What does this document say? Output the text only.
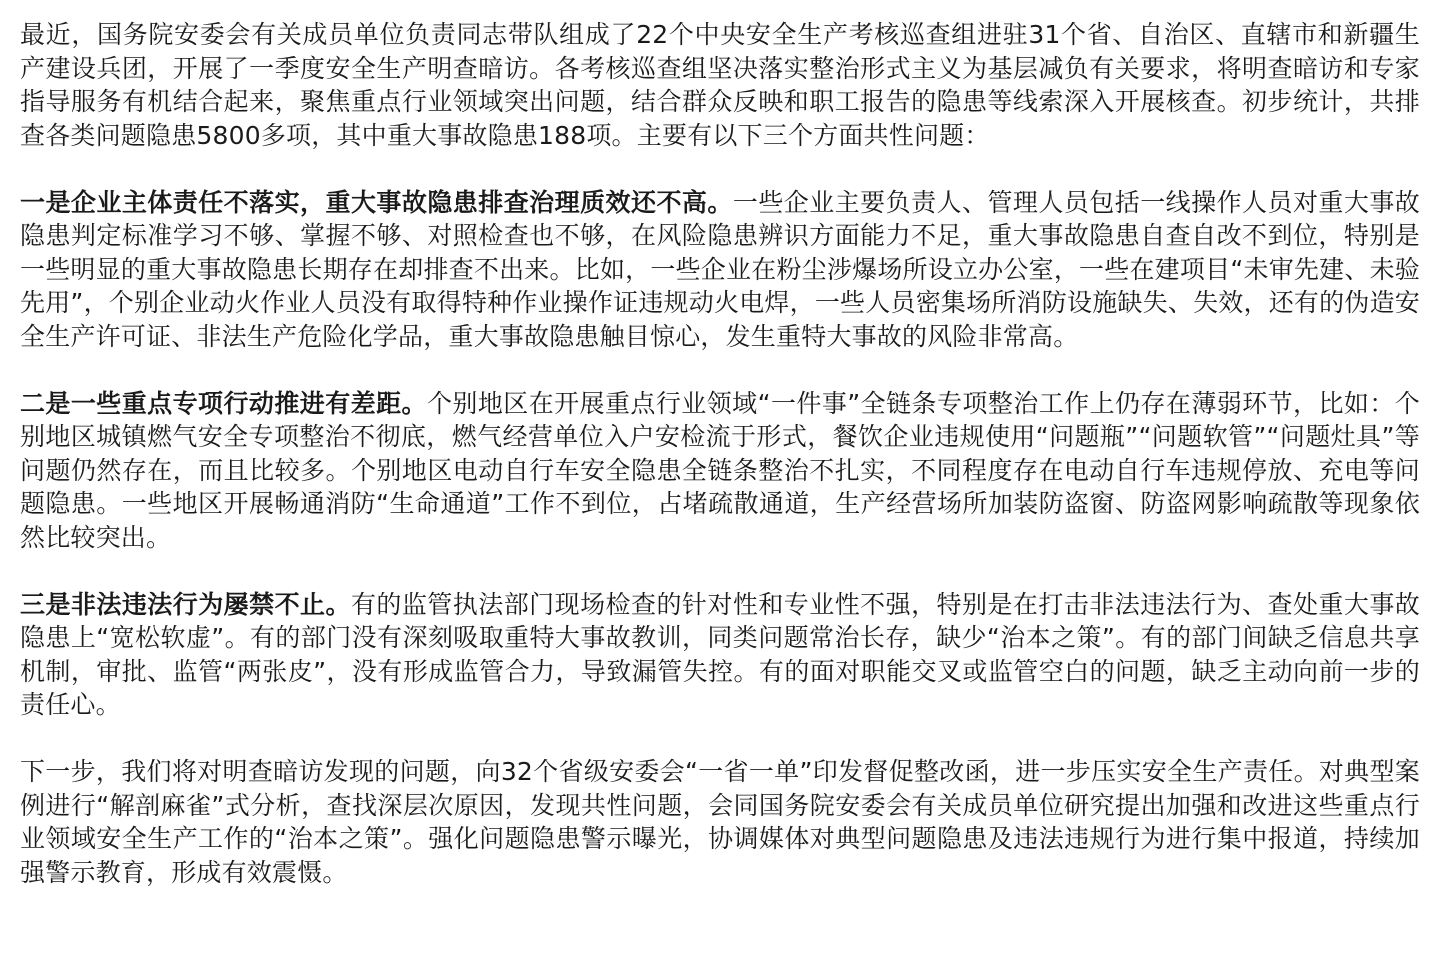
最近，国务院安委会有关成员单位负责同志带队组成了22个中央安全生产考核巡查组进驻31个省、自治区、直辖市和新疆生产建设兵团，开展了一季度安全生产明查暗访。各考核巡查组坚决落实整治形式主义为基层减负有关要求，将明查暗访和专家指导服务有机结合起来，聚焦重点行业领域突出问题，结合群众反映和职工报告的隐患等线索深入开展核查。初步统计，共排查各类问题隐患5800多项，其中重大事故隐患188项。主要有以下三个方面共性问题：

一是企业主体责任不落实，重大事故隐患排查治理质效还不高。一些企业主要负责人、管理人员包括一线操作人员对重大事故隐患判定标准学习不够、掌握不够、对照检查也不够，在风险隐患辨识方面能力不足，重大事故隐患自查自改不到位，特别是一些明显的重大事故隐患长期存在却排查不出来。比如，一些企业在粉尘涉爆场所设立办公室，一些在建项目“未审先建、未验先用”，个别企业动火作业人员没有取得特种作业操作证违规动火电焊，一些人员密集场所消防设施缺失、失效，还有的伪造安全生产许可证、非法生产危险化学品，重大事故隐患触目惊心，发生重特大事故的风险非常高。

二是一些重点专项行动推进有差距。个别地区在开展重点行业领域“一件事”全链条专项整治工作上仍存在薄弱环节，比如：个别地区城镇燃气安全专项整治不彻底，燃气经营单位入户安检流于形式，餐饮企业违规使用“问题瓶”“问题软管”“问题灶具”等问题仍然存在，而且比较多。个别地区电动自行车安全隐患全链条整治不扎实，不同程度存在电动自行车违规停放、充电等问题隐患。一些地区开展畅通消防“生命通道”工作不到位，占堵疏散通道，生产经营场所加装防盗窗、防盗网影响疏散等现象依然比较突出。

三是非法违法行为屡禁不止。有的监管执法部门现场检查的针对性和专业性不强，特别是在打击非法违法行为、查处重大事故隐患上“宽松软虚”。有的部门没有深刻吸取重特大事故教训，同类问题常治长存，缺少“治本之策”。有的部门间缺乏信息共享机制，审批、监管“两张皮”，没有形成监管合力，导致漏管失控。有的面对职能交叉或监管空白的问题，缺乏主动向前一步的责任心。

下一步，我们将对明查暗访发现的问题，向32个省级安委会“一省一单”印发督促整改函，进一步压实安全生产责任。对典型案例进行“解剖麻雀”式分析，查找深层次原因，发现共性问题，会同国务院安委会有关成员单位研究提出加强和改进这些重点行业领域安全生产工作的“治本之策”。强化问题隐患警示曝光，协调媒体对典型问题隐患及违法违规行为进行集中报道，持续加强警示教育，形成有效震慑。
